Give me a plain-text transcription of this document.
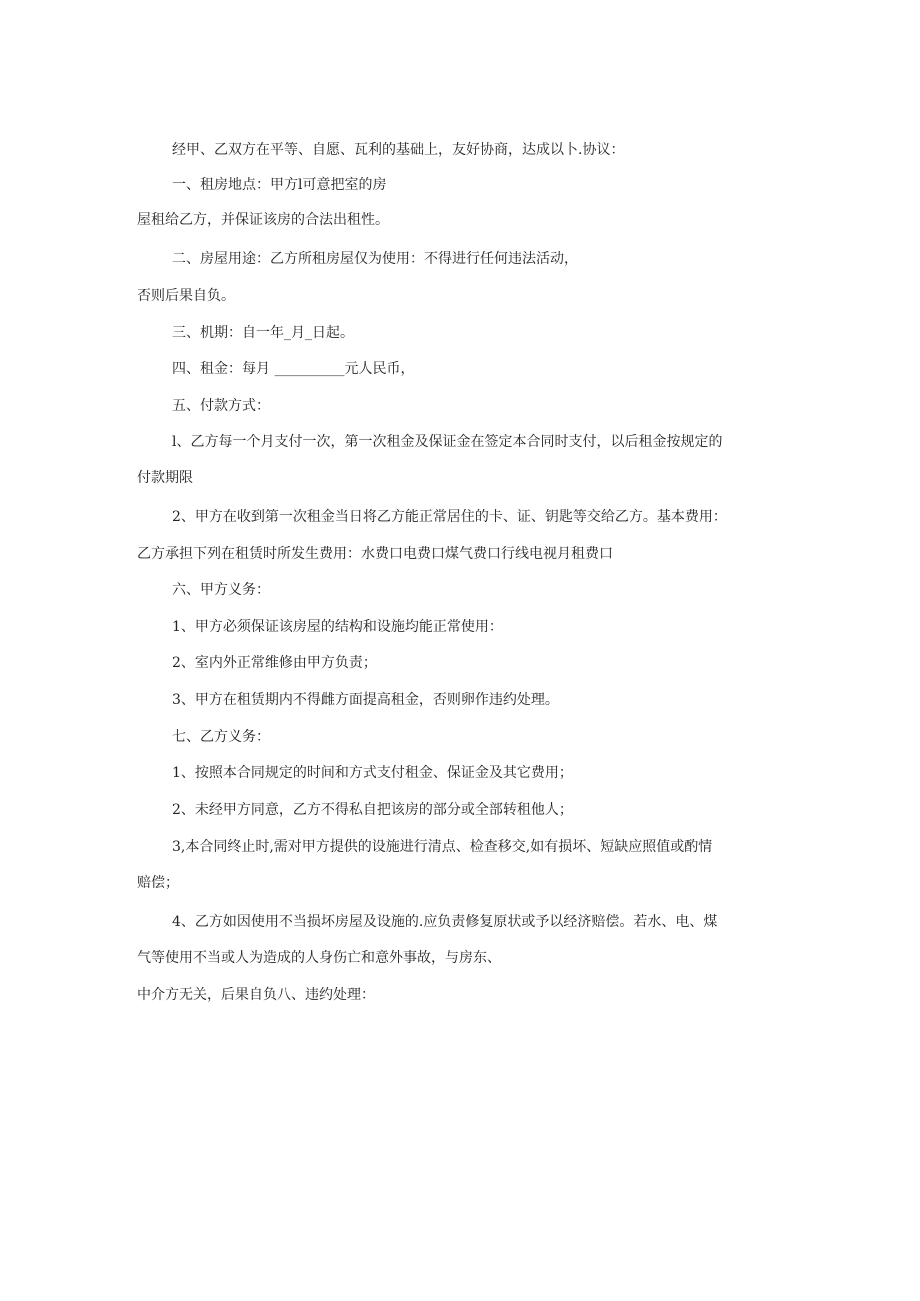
经甲、乙双方在平等、自愿、瓦利的基础上，友好协商，达成以卜.协议：
一、租房地点：甲方l可意把室的房
屋租给乙方，并保证该房的合法出租性。
二、房屋用途：乙方所租房屋仅为使用：不得进行任何违法活动，
否则后果自负。
三、机期：自一年_月_日起。
四、租金：每月 __________元人民币，
五、付款方式：
l、乙方每一个月支付一次，第一次租金及保证金在签定本合同时支付，以后租金按规定的
付款期限
2、甲方在收到第一次租金当日将乙方能正常居住的卡、证、钥匙等交给乙方。基本费用：
乙方承担下列在租赁时所发生费用：水费口电费口煤气费口行线电视月租费口
六、甲方义务：
1、甲方必须保证该房屋的结构和设施均能正常使用：
2、室内外正常维修由甲方负责；
3、甲方在租赁期内不得雌方面提高租金，否则卵作违约处理。
七、乙方义务：
1、按照本合同规定的时间和方式支付租金、保证金及其它费用；
2、未经甲方同意，乙方不得私自把该房的部分或全部转租他人；
3,本合同终止时,需对甲方提供的设施进行清点、检查移交,如有损坏、短缺应照值或酌情
赔偿；
4、乙方如因使用不当损坏房屋及设施的.应负责修复原状或予以经济赔偿。若水、电、煤
气等使用不当或人为造成的人身伤亡和意外事故，与房东、
中介方无关，后果自负八、违约处理：
